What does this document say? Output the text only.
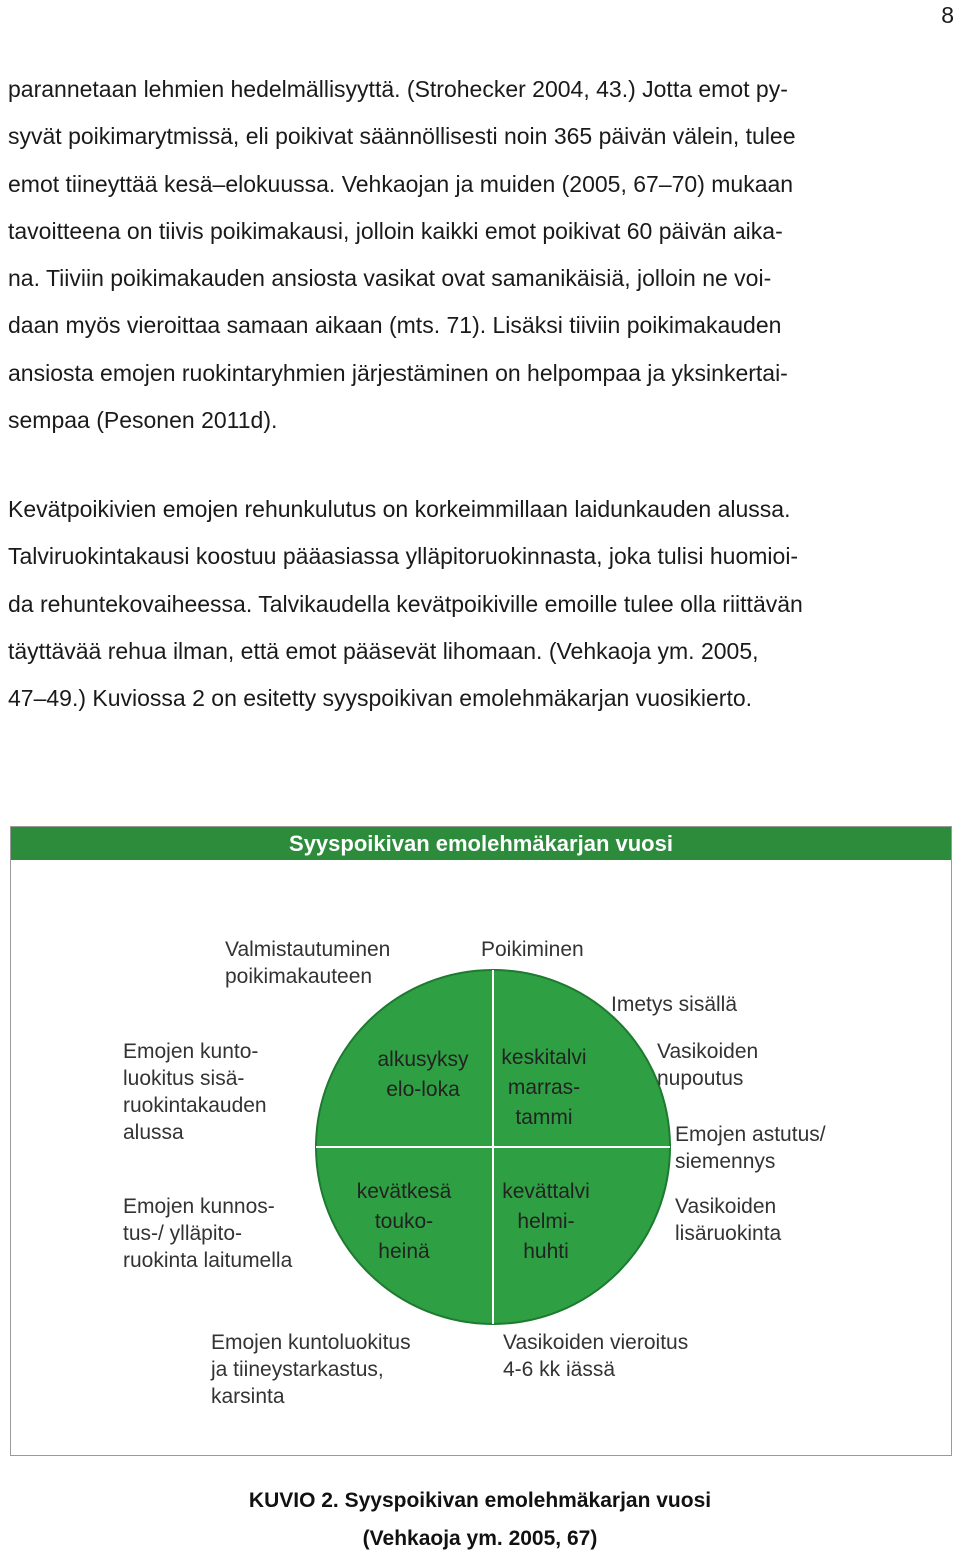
8

parannetaan lehmien hedelmällisyyttä. (Strohecker 2004, 43.) Jotta emot py-
syvät poikimarytmissä, eli poikivat säännöllisesti noin 365 päivän välein, tulee
emot tiineyttää kesä–elokuussa. Vehkaojan ja muiden (2005, 67–70) mukaan
tavoitteena on tiivis poikimakausi, jolloin kaikki emot poikivat 60 päivän aika-
na. Tiiviin poikimakauden ansiosta vasikat ovat samanikäisiä, jolloin ne voi-
daan myös vieroittaa samaan aikaan (mts. 71). Lisäksi tiiviin poikimakauden
ansiosta emojen ruokintaryhmien järjestäminen on helpompaa ja yksinkertai-
sempaa (Pesonen 2011d).

Kevätpoikivien emojen rehunkulutus on korkeimmillaan laidunkauden alussa.
Talviruokintakausi koostuu pääasiassa ylläpitoruokinnasta, joka tulisi huomioi-
da rehuntekovaiheessa. Talvikaudella kevätpoikiville emoille tulee olla riittävän
täyttävää rehua ilman, että emot pääsevät lihomaan. (Vehkaoja ym. 2005,
47–49.) Kuviossa 2 on esitetty syyspoikivan emolehmäkarjan vuosikierto.

Syyspoikivan emolehmäkarjan vuosi
alkusyksy
elo-loka
keskitalvi
marras-
tammi
kevätkesä
touko-
heinä
kevättalvi
helmi-
huhti
Valmistautuminen
poikimakauteen
Poikiminen
Imetys sisällä
Emojen kunto-
luokitus sisä-
ruokintakauden
alussa
Vasikoiden
nupoutus
Emojen astutus/
siemennys
Emojen kunnos-
tus-/ ylläpito-
ruokinta laitumella
Vasikoiden
lisäruokinta
Emojen kuntoluokitus
ja tiineystarkastus,
karsinta
Vasikoiden vieroitus
4-6 kk iässä
KUVIO 2. Syyspoikivan emolehmäkarjan vuosi
(Vehkaoja ym. 2005, 67)
